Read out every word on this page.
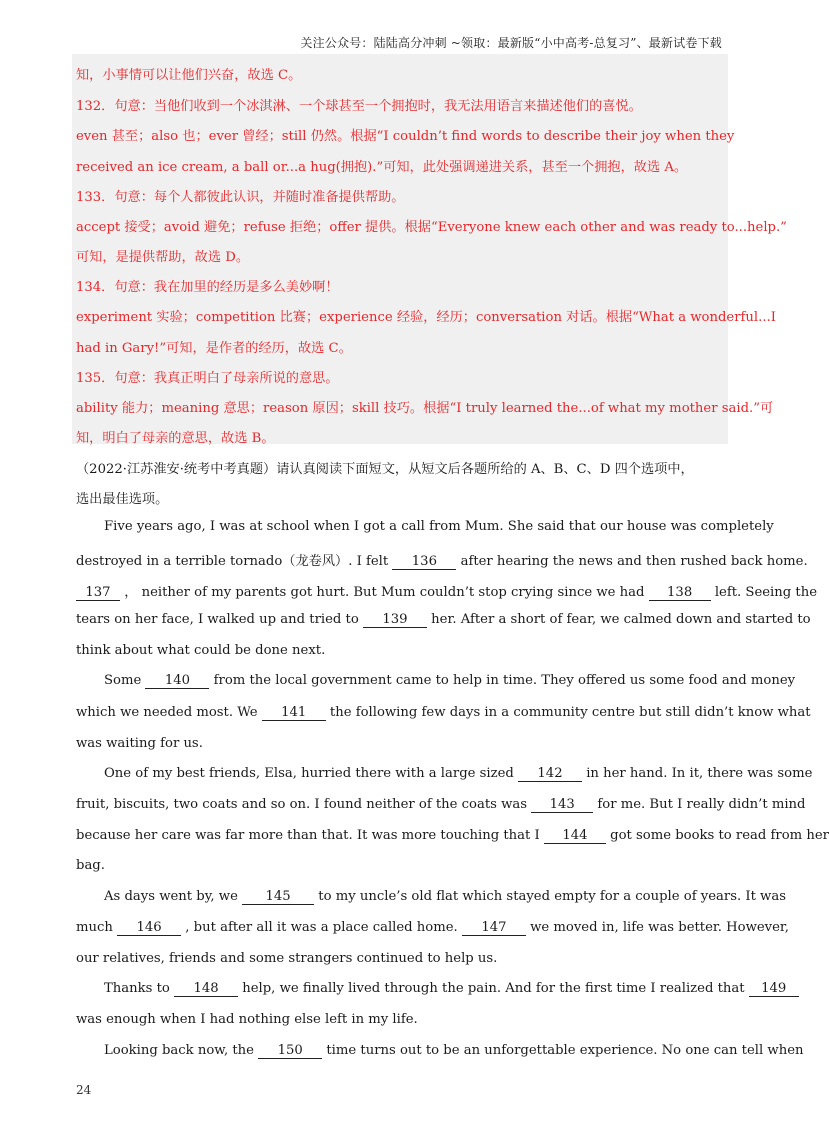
关注公众号：陆陆高分冲刺 ~领取：最新版“小中高考-总复习”、最新试卷下载
知，小事情可以让他们兴奋，故选 C。
132．句意：当他们收到一个冰淇淋、一个球甚至一个拥抱时，我无法用语言来描述他们的喜悦。
even 甚至；also 也；ever 曾经；still 仍然。根据“I couldn’t find words to describe their joy when they
received an ice cream, a ball or...a hug(拥抱).”可知，此处强调递进关系，甚至一个拥抱，故选 A。
133．句意：每个人都彼此认识，并随时准备提供帮助。
accept 接受；avoid 避免；refuse 拒绝；offer 提供。根据“Everyone knew each other and was ready to...help.”
可知，是提供帮助，故选 D。
134．句意：我在加里的经历是多么美妙啊！
experiment 实验；competition 比赛；experience 经验，经历；conversation 对话。根据“What a wonderful...I
had in Gary!”可知，是作者的经历，故选 C。
135．句意：我真正明白了母亲所说的意思。
ability 能力；meaning 意思；reason 原因；skill 技巧。根据“I truly learned the...of what my mother said.”可
知，明白了母亲的意思，故选 B。
（2022·江苏淮安·统考中考真题）请认真阅读下面短文，从短文后各题所给的 A、B、C、D 四个选项中，
选出最佳选项。
Five years ago, I was at school when I got a call from Mum. She said that our house was completely
destroyed in a terrible tornado（龙卷风）. I felt 136 after hearing the news and then rushed back home.
137 ， neither of my parents got hurt. But Mum couldn’t stop crying since we had 138 left. Seeing the
tears on her face, I walked up and tried to 139 her. After a short of fear, we calmed down and started to
think about what could be done next.
Some 140 from the local government came to help in time. They offered us some food and money
which we needed most. We 141 the following few days in a community centre but still didn’t know what
was waiting for us.
One of my best friends, Elsa, hurried there with a large sized 142 in her hand. In it, there was some
fruit, biscuits, two coats and so on. I found neither of the coats was 143 for me. But I really didn’t mind
because her care was far more than that. It was more touching that I 144 got some books to read from her
bag.
As days went by, we 145 to my uncle’s old flat which stayed empty for a couple of years. It was
much 146 , but after all it was a place called home. 147 we moved in, life was better. However,
our relatives, friends and some strangers continued to help us.
Thanks to 148 help, we finally lived through the pain. And for the first time I realized that 149
was enough when I had nothing else left in my life.
Looking back now, the 150 time turns out to be an unforgettable experience. No one can tell when
24
